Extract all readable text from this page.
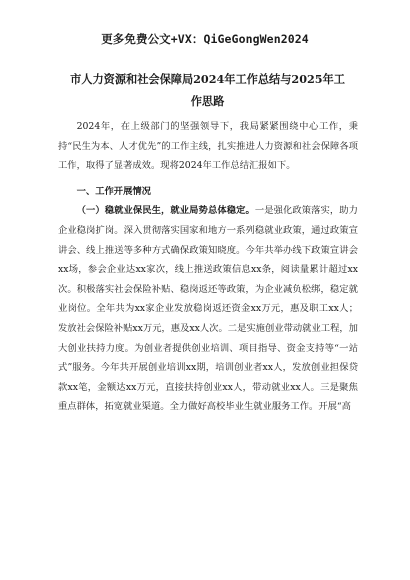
更多免费公文+VX：QiGeGongWen2024
市人力资源和社会保障局2024年工作总结与2025年工作思路

2024年，在上级部门的坚强领导下，我局紧紧围绕中心工作，秉持“民生为本、人才优先”的工作主线，扎实推进人力资源和社会保障各项工作，取得了显著成效。现将2024年工作总结汇报如下。

一、工作开展情况

（一）稳就业保民生，就业局势总体稳定。一是强化政策落实，助力企业稳岗扩岗。深入贯彻落实国家和地方一系列稳就业政策，通过政策宣讲会、线上推送等多种方式确保政策知晓度。今年共举办线下政策宣讲会xx场，参会企业达xx家次，线上推送政策信息xx条，阅读量累计超过xx次。积极落实社会保险补贴、稳岗返还等政策，为企业减负松绑，稳定就业岗位。全年共为xx家企业发放稳岗返还资金xx万元，惠及职工xx人；发放社会保险补贴xx万元，惠及xx人次。二是实施创业带动就业工程，加大创业扶持力度。为创业者提供创业培训、项目指导、资金支持等“一站式”服务。今年共开展创业培训xx期，培训创业者xx人，发放创业担保贷款xx笔，金额达xx万元，直接扶持创业xx人，带动就业xx人。三是聚焦重点群体，拓宽就业渠道。全力做好高校毕业生就业服务工作。开展“高
